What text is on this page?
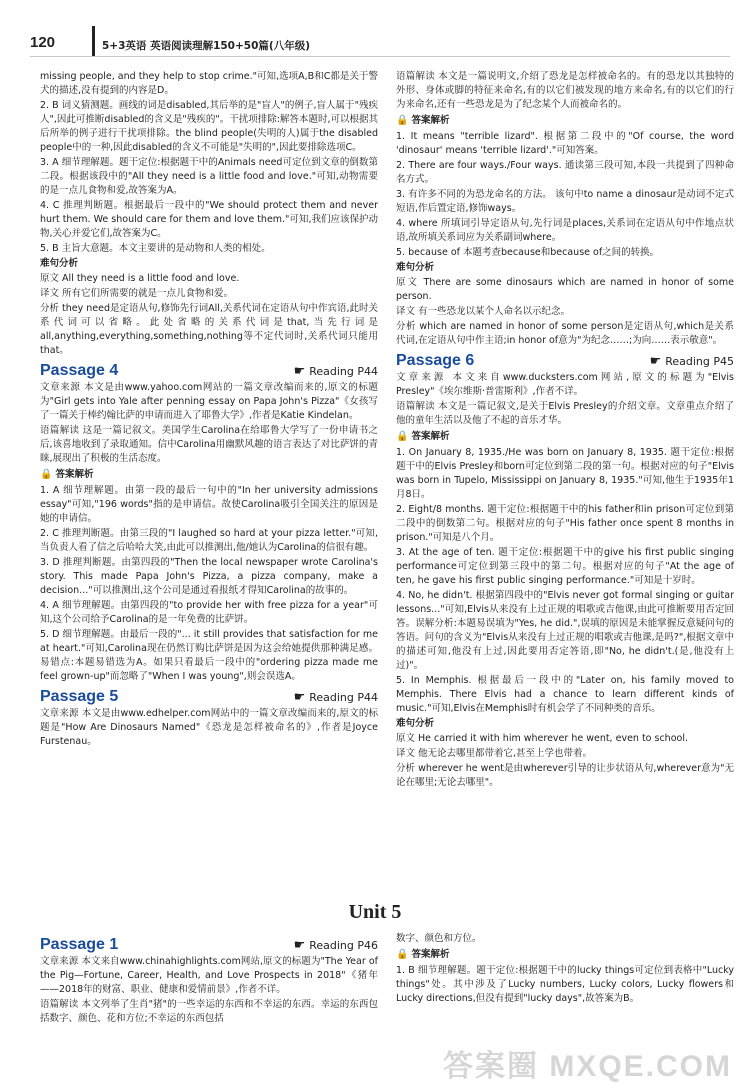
120	5+3英语 英语阅读理解150+50篇(八年级)

missing people, and they help to stop crime."可知,选项A,B和C都是关于警犬的描述,没有提到的内容是D。

2. B 词义猜测题。画线的词是disabled,其后举的是"盲人"的例子,盲人属于"残疾人",因此可推断disabled的含义是"残疾的"。干扰项排除:解答本题时,可以根据其后所举的例子进行干扰项排除。the blind people(失明的人)属于the disabled people中的一种,因此disabled的含义不可能是"失明的",因此要排除选项C。

3. A 细节理解题。题干定位:根据题干中的Animals need可定位到文章的倒数第二段。根据该段中的"All they need is a little food and love."可知,动物需要的是一点儿食物和爱,故答案为A。

4. C 推理判断题。根据最后一段中的"We should protect them and never hurt them. We should care for them and love them."可知,我们应该保护动物,关心并爱它们,故答案为C。

5. B 主旨大意题。本文主要讲的是动物和人类的相处。

难句分析

原文 All they need is a little food and love.

译文 所有它们所需要的就是一点儿食物和爱。

分析 they need是定语从句,修饰先行词All,关系代词在定语从句中作宾语,此时关系代词可以省略。此处省略的关系代词是that,当先行词是all,anything,everything,something,nothing等不定代词时,关系代词只能用that。

Passage 4	☛ Reading P44

文章来源 本文是由www.yahoo.com网站的一篇文章改编而来的,原文的标题为"Girl gets into Yale after penning essay on Papa John's Pizza"《女孩写了一篇关于棒约翰比萨的申请而进入了耶鲁大学》,作者是Katie Kindelan。

语篇解读 这是一篇记叙文。美国学生Carolina在给耶鲁大学写了一份申请书之后,该喜地收到了录取通知。信中Carolina用幽默风趣的语言表达了对比萨饼的青睐,展现出了积极的生活态度。

🔒 答案解析

1. A 细节理解题。由第一段的最后一句中的"In her university admissions essay"可知,"196 words"指的是申请信。故使Carolina吸引全国关注的原因是她的申请信。

2. C 推理判断题。由第三段的"I laughed so hard at your pizza letter."可知,当负责人看了信之后哈哈大笑,由此可以推测出,他/她认为Carolina的信很有趣。

3. D 推理判断题。由第四段的"Then the local newspaper wrote Carolina's story. This made Papa John's Pizza, a pizza company, make a decision..."可以推测出,这个公司是通过看报纸才得知Carolina的故事的。

4. A 细节理解题。由第四段的"to provide her with free pizza for a year"可知,这个公司给予Carolina的是一年免费的比萨饼。

5. D 细节理解题。由最后一段的"... it still provides that satisfaction for me at heart."可知,Carolina现在仍然订购比萨饼是因为这会给她提供那种满足感。易错点:本题易错选为A。如果只看最后一段中的"ordering pizza made me feel grown-up"而忽略了"When I was young",则会误选A。

Passage 5	☛ Reading P44

文章来源 本文是由www.edhelper.com网站中的一篇文章改编而来的,原文的标题是"How Are Dinosaurs Named"《恐龙是怎样被命名的》,作者是Joyce Furstenau。

语篇解读 本文是一篇说明文,介绍了恐龙是怎样被命名的。有的恐龙以其独特的外形、身体或脚的特征来命名,有的以它们被发现的地方来命名,有的以它们的行为来命名,还有一些恐龙是为了纪念某个人而被命名的。

🔒 答案解析

1. It means "terrible lizard". 根据第二段中的"Of course, the word 'dinosaur' means 'terrible lizard'."可知答案。

2. There are four ways./Four ways. 通读第三段可知,本段一共提到了四种命名方式。

3. 有许多不同的为恐龙命名的方法。 该句中to name a dinosaur是动词不定式短语,作后置定语,修饰ways。

4. where 所填词引导定语从句,先行词是places,关系词在定语从句中作地点状语,故所填关系词应为关系副词where。

5. because of 本题考查because和because of之间的转换。

难句分析

原文 There are some dinosaurs which are named in honor of some person.

译文 有一些恐龙以某个人命名以示纪念。

分析 which are named in honor of some person是定语从句,which是关系代词,在定语从句中作主语;in honor of意为"为纪念……;为向……表示敬意"。

Passage 6	☛ Reading P45

文章来源 本文来自www.ducksters.com网站,原文的标题为"Elvis Presley"《埃尔维斯·普雷斯利》,作者不详。

语篇解读 本文是一篇记叙文,是关于Elvis Presley的介绍文章。文章重点介绍了他的童年生活以及他了不起的音乐才华。

🔒 答案解析

1. On January 8, 1935./He was born on January 8, 1935. 题干定位:根据题干中的Elvis Presley和born可定位到第二段的第一句。根据对应的句子"Elvis was born in Tupelo, Mississippi on January 8, 1935."可知,他生于1935年1月8日。

2. Eight/8 months. 题干定位:根据题干中的his father和in prison可定位到第二段中的倒数第二句。根据对应的句子"His father once spent 8 months in prison."可知是八个月。

3. At the age of ten. 题干定位:根据题干中的give his first public singing performance可定位到第三段中的第二句。根据对应的句子"At the age of ten, he gave his first public singing performance."可知是十岁时。

4. No, he didn't. 根据第四段中的"Elvis never got formal singing or guitar lessons..."可知,Elvis从来没有上过正规的唱歌或吉他课,由此可推断要用否定回答。误解分析:本题易误填为"Yes, he did.",误填的原因是未能掌握反意疑问句的答语。问句的含义为"Elvis从来没有上过正规的唱歌或吉他课,是吗?",根据文章中的描述可知,他没有上过,因此要用否定答语,即"No, he didn't.(是,他没有上过)"。

5. In Memphis. 根据最后一段中的"Later on, his family moved to Memphis. There Elvis had a chance to learn different kinds of music."可知,Elvis在Memphis时有机会学了不同种类的音乐。

难句分析

原文 He carried it with him wherever he went, even to school.

译文 他无论去哪里都带着它,甚至上学也带着。

分析 wherever he went是由wherever引导的让步状语从句,wherever意为"无论在哪里;无论去哪里"。

Unit 5
Passage 1	☛ Reading P46

文章来源 本文来自www.chinahighlights.com网站,原文的标题为"The Year of the Pig—Fortune, Career, Health, and Love Prospects in 2018"《猪年——2018年的财富、职业、健康和爱情前景》,作者不详。

语篇解读 本文列举了生肖"猪"的一些幸运的东西和不幸运的东西。幸运的东西包括数字、颜色、花和方位;不幸运的东西包括

数字、颜色和方位。

🔒 答案解析

1. B 细节理解题。题干定位:根据题干中的lucky things可定位到表格中"Lucky things"处。其中涉及了Lucky numbers, Lucky colors, Lucky flowers和Lucky directions,但没有提到"lucky days",故答案为B。

答案圈 MXQE.COM
